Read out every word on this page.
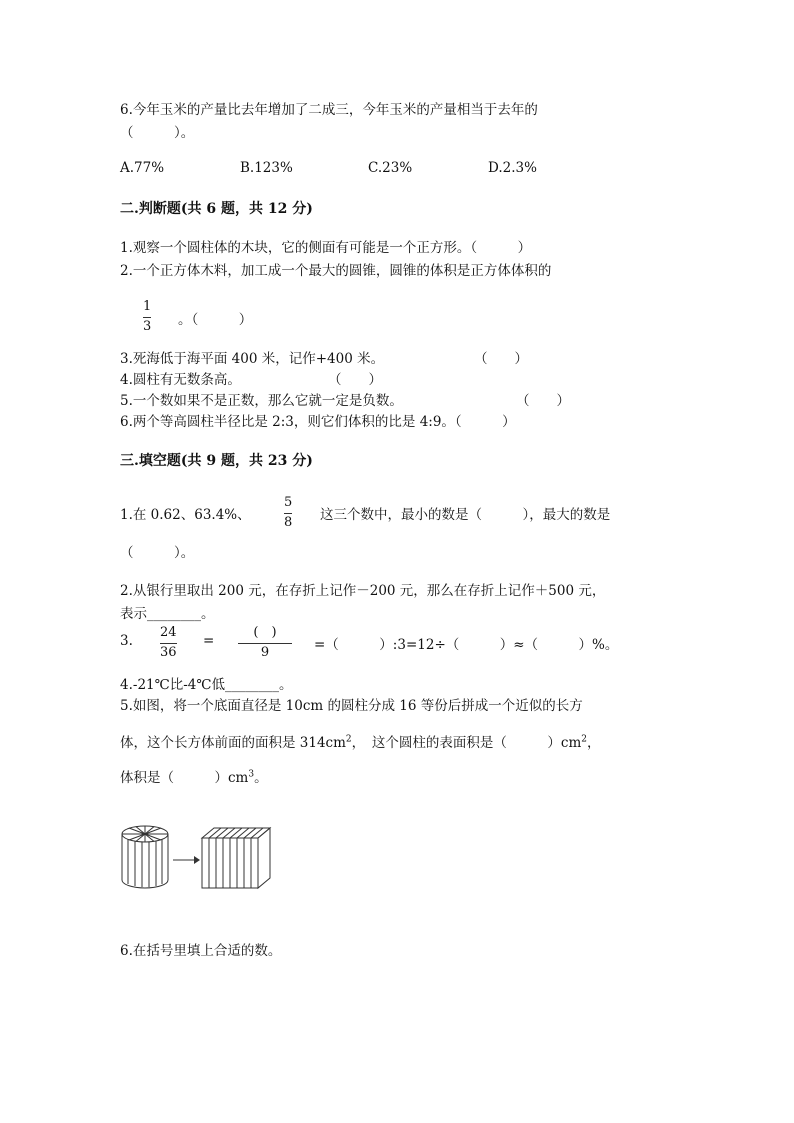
6.今年玉米的产量比去年增加了二成三，今年玉米的产量相当于去年的
（　　　）。
A.77%	B.123%	C.23%	D.2.3%
二.判断题(共 6 题，共 12 分)
1.观察一个圆柱体的木块，它的侧面有可能是一个正方形。（　　　）
2.一个正方体木料，加工成一个最大的圆锥，圆锥的体积是正方体体积的
1
3 。（　　　）
3.死海低于海平面 400 米，记作+400 米。	（　　）
4.圆柱有无数条高。	（　　）
5.一个数如果不是正数，那么它就一定是负数。	（　　）
6.两个等高圆柱半径比是 2:3，则它们体积的比是 4:9。（　　　）
三.填空题(共 9 题，共 23 分)
1.在 0.62、63.4%、
5
8 这三个数中，最小的数是（　　　），最大的数是
（　　　）。
2.从银行里取出 200 元，在存折上记作－200 元，那么在存折上记作＋500 元，
表示________。
3.
24
36
=
(　)
9	=（　　　）:3=12÷（　　　）≈（　　　）%。
4.-21℃比-4℃低________。
5.如图，将一个底面直径是 10cm 的圆柱分成 16 等份后拼成一个近似的长方
体，这个长方体前面的面积是 $314cm^2$，　这个圆柱的表面积是（　　　）$cm^2$，
体积是（　　　）$cm^3$。
6.在括号里填上合适的数。
